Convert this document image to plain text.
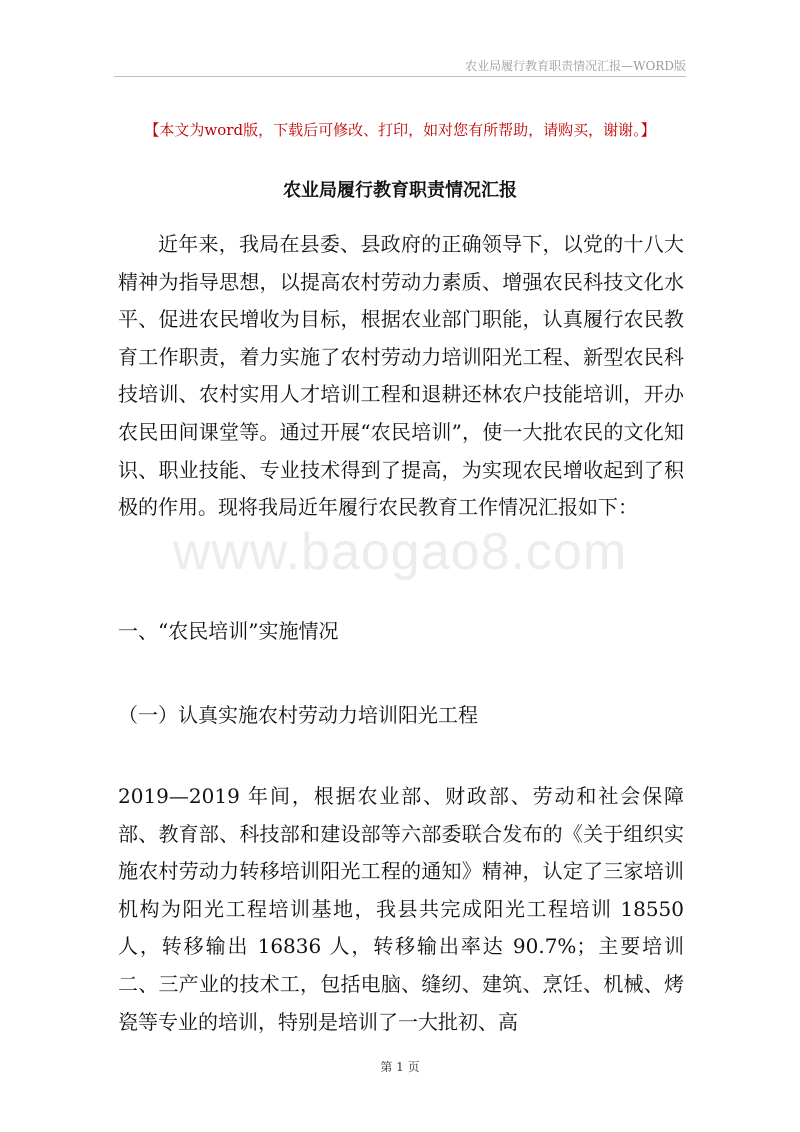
农业局履行教育职责情况汇报—WORD版
【本文为word版，下载后可修改、打印，如对您有所帮助，请购买，谢谢。】
农业局履行教育职责情况汇报

近年来，我局在县委、县政府的正确领导下，以党的十八大精神为指导思想，以提高农村劳动力素质、增强农民科技文化水平、促进农民增收为目标，根据农业部门职能，认真履行农民教育工作职责，着力实施了农村劳动力培训阳光工程、新型农民科技培训、农村实用人才培训工程和退耕还林农户技能培训，开办农民田间课堂等。通过开展“农民培训”，使一大批农民的文化知识、职业技能、专业技术得到了提高，为实现农民增收起到了积极的作用。现将我局近年履行农民教育工作情况汇报如下：

www.baogao8.com
一、“农民培训”实施情况
（一）认真实施农村劳动力培训阳光工程

2019—2019 年间，根据农业部、财政部、劳动和社会保障部、教育部、科技部和建设部等六部委联合发布的《关于组织实施农村劳动力转移培训阳光工程的通知》精神，认定了三家培训机构为阳光工程培训基地，我县共完成阳光工程培训 18550 人，转移输出 16836 人，转移输出率达 90.7%；主要培训二、三产业的技术工，包括电脑、缝纫、建筑、烹饪、机械、烤瓷等专业的培训，特别是培训了一大批初、高

第 1 页
